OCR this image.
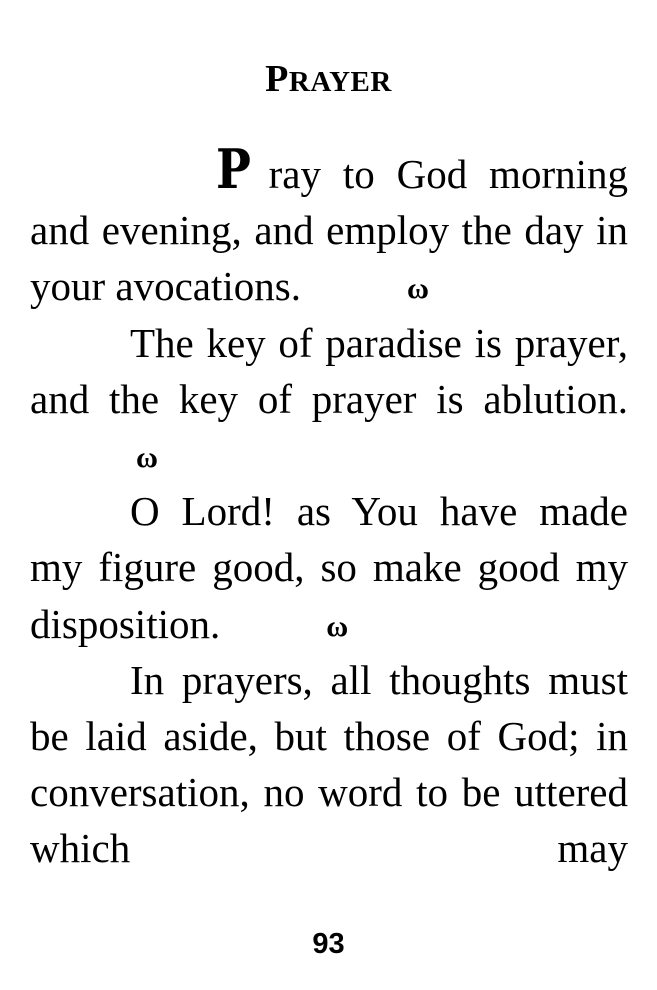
PRAYER

P ray to God morning and evening, and employ the day in your avocations.	ω

The key of paradise is prayer, and the key of prayer is ablution.ω

O Lord! as You have made my figure good, so make good my disposition.	ω

In prayers, all thoughts must be laid aside, but those of God; in conversation, no word to be uttered which may

93
